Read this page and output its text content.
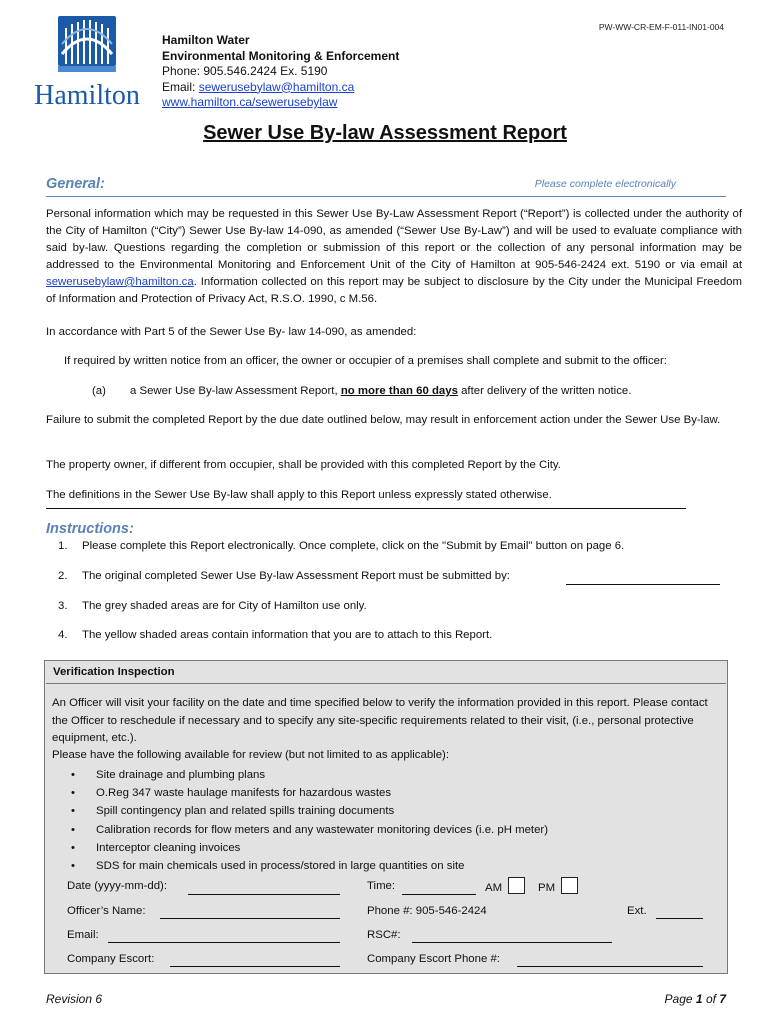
PW-WW-CR-EM-F-011-IN01-004
Hamilton
Hamilton Water
Environmental Monitoring & Enforcement
Phone: 905.546.2424 Ex. 5190
Email: sewerusebylaw@hamilton.ca
www.hamilton.ca/sewerusebylaw
Sewer Use By-law Assessment Report
General:	Please complete electronically
Personal information which may be requested in this Sewer Use By-Law Assessment Report (“Report”) is collected under the authority of the City of Hamilton (“City”) Sewer Use By-law 14-090, as amended (“Sewer Use By-Law”) and will be used to evaluate compliance with said by-law. Questions regarding the completion or submission of this report or the collection of any personal information may be addressed to the Environmental Monitoring and Enforcement Unit of the City of Hamilton at 905-546-2424 ext. 5190 or via email at sewerusebylaw@hamilton.ca. Information collected on this report may be subject to disclosure by the City under the Municipal Freedom of Information and Protection of Privacy Act, R.S.O. 1990, c M.56.
In accordance with Part 5 of the Sewer Use By- law 14-090, as amended:
If required by written notice from an officer, the owner or occupier of a premises shall complete and submit to the officer:
(a) a Sewer Use By-law Assessment Report, no more than 60 days after delivery of the written notice.
Failure to submit the completed Report by the due date outlined below, may result in enforcement action under the Sewer Use By-law.
The property owner, if different from occupier, shall be provided with this completed Report by the City.
The definitions in the Sewer Use By-law shall apply to this Report unless expressly stated otherwise.
Instructions:
1. Please complete this Report electronically. Once complete, click on the "Submit by Email" button on page 6.
2. The original completed Sewer Use By-law Assessment Report must be submitted by:
3. The grey shaded areas are for City of Hamilton use only.
4. The yellow shaded areas contain information that you are to attach to this Report.
Verification Inspection
An Officer will visit your facility on the date and time specified below to verify the information provided in this report. Please contact the Officer to reschedule if necessary and to specify any site-specific requirements related to their visit, (i.e., personal protective equipment, etc.).
Please have the following available for review (but not limited to as applicable):
• Site drainage and plumbing plans
• O.Reg 347 waste haulage manifests for hazardous wastes
• Spill contingency plan and related spills training documents
• Calibration records for flow meters and any wastewater monitoring devices (i.e. pH meter)
• Interceptor cleaning invoices
• SDS for main chemicals used in process/stored in large quantities on site
Date (yyyy-mm-dd):	Time:	AM	PM
Officer’s Name:	Phone #: 905-546-2424	Ext.
Email:	RSC#:
Company Escort:	Company Escort Phone #:
Revision 6	Page 1 of 7
